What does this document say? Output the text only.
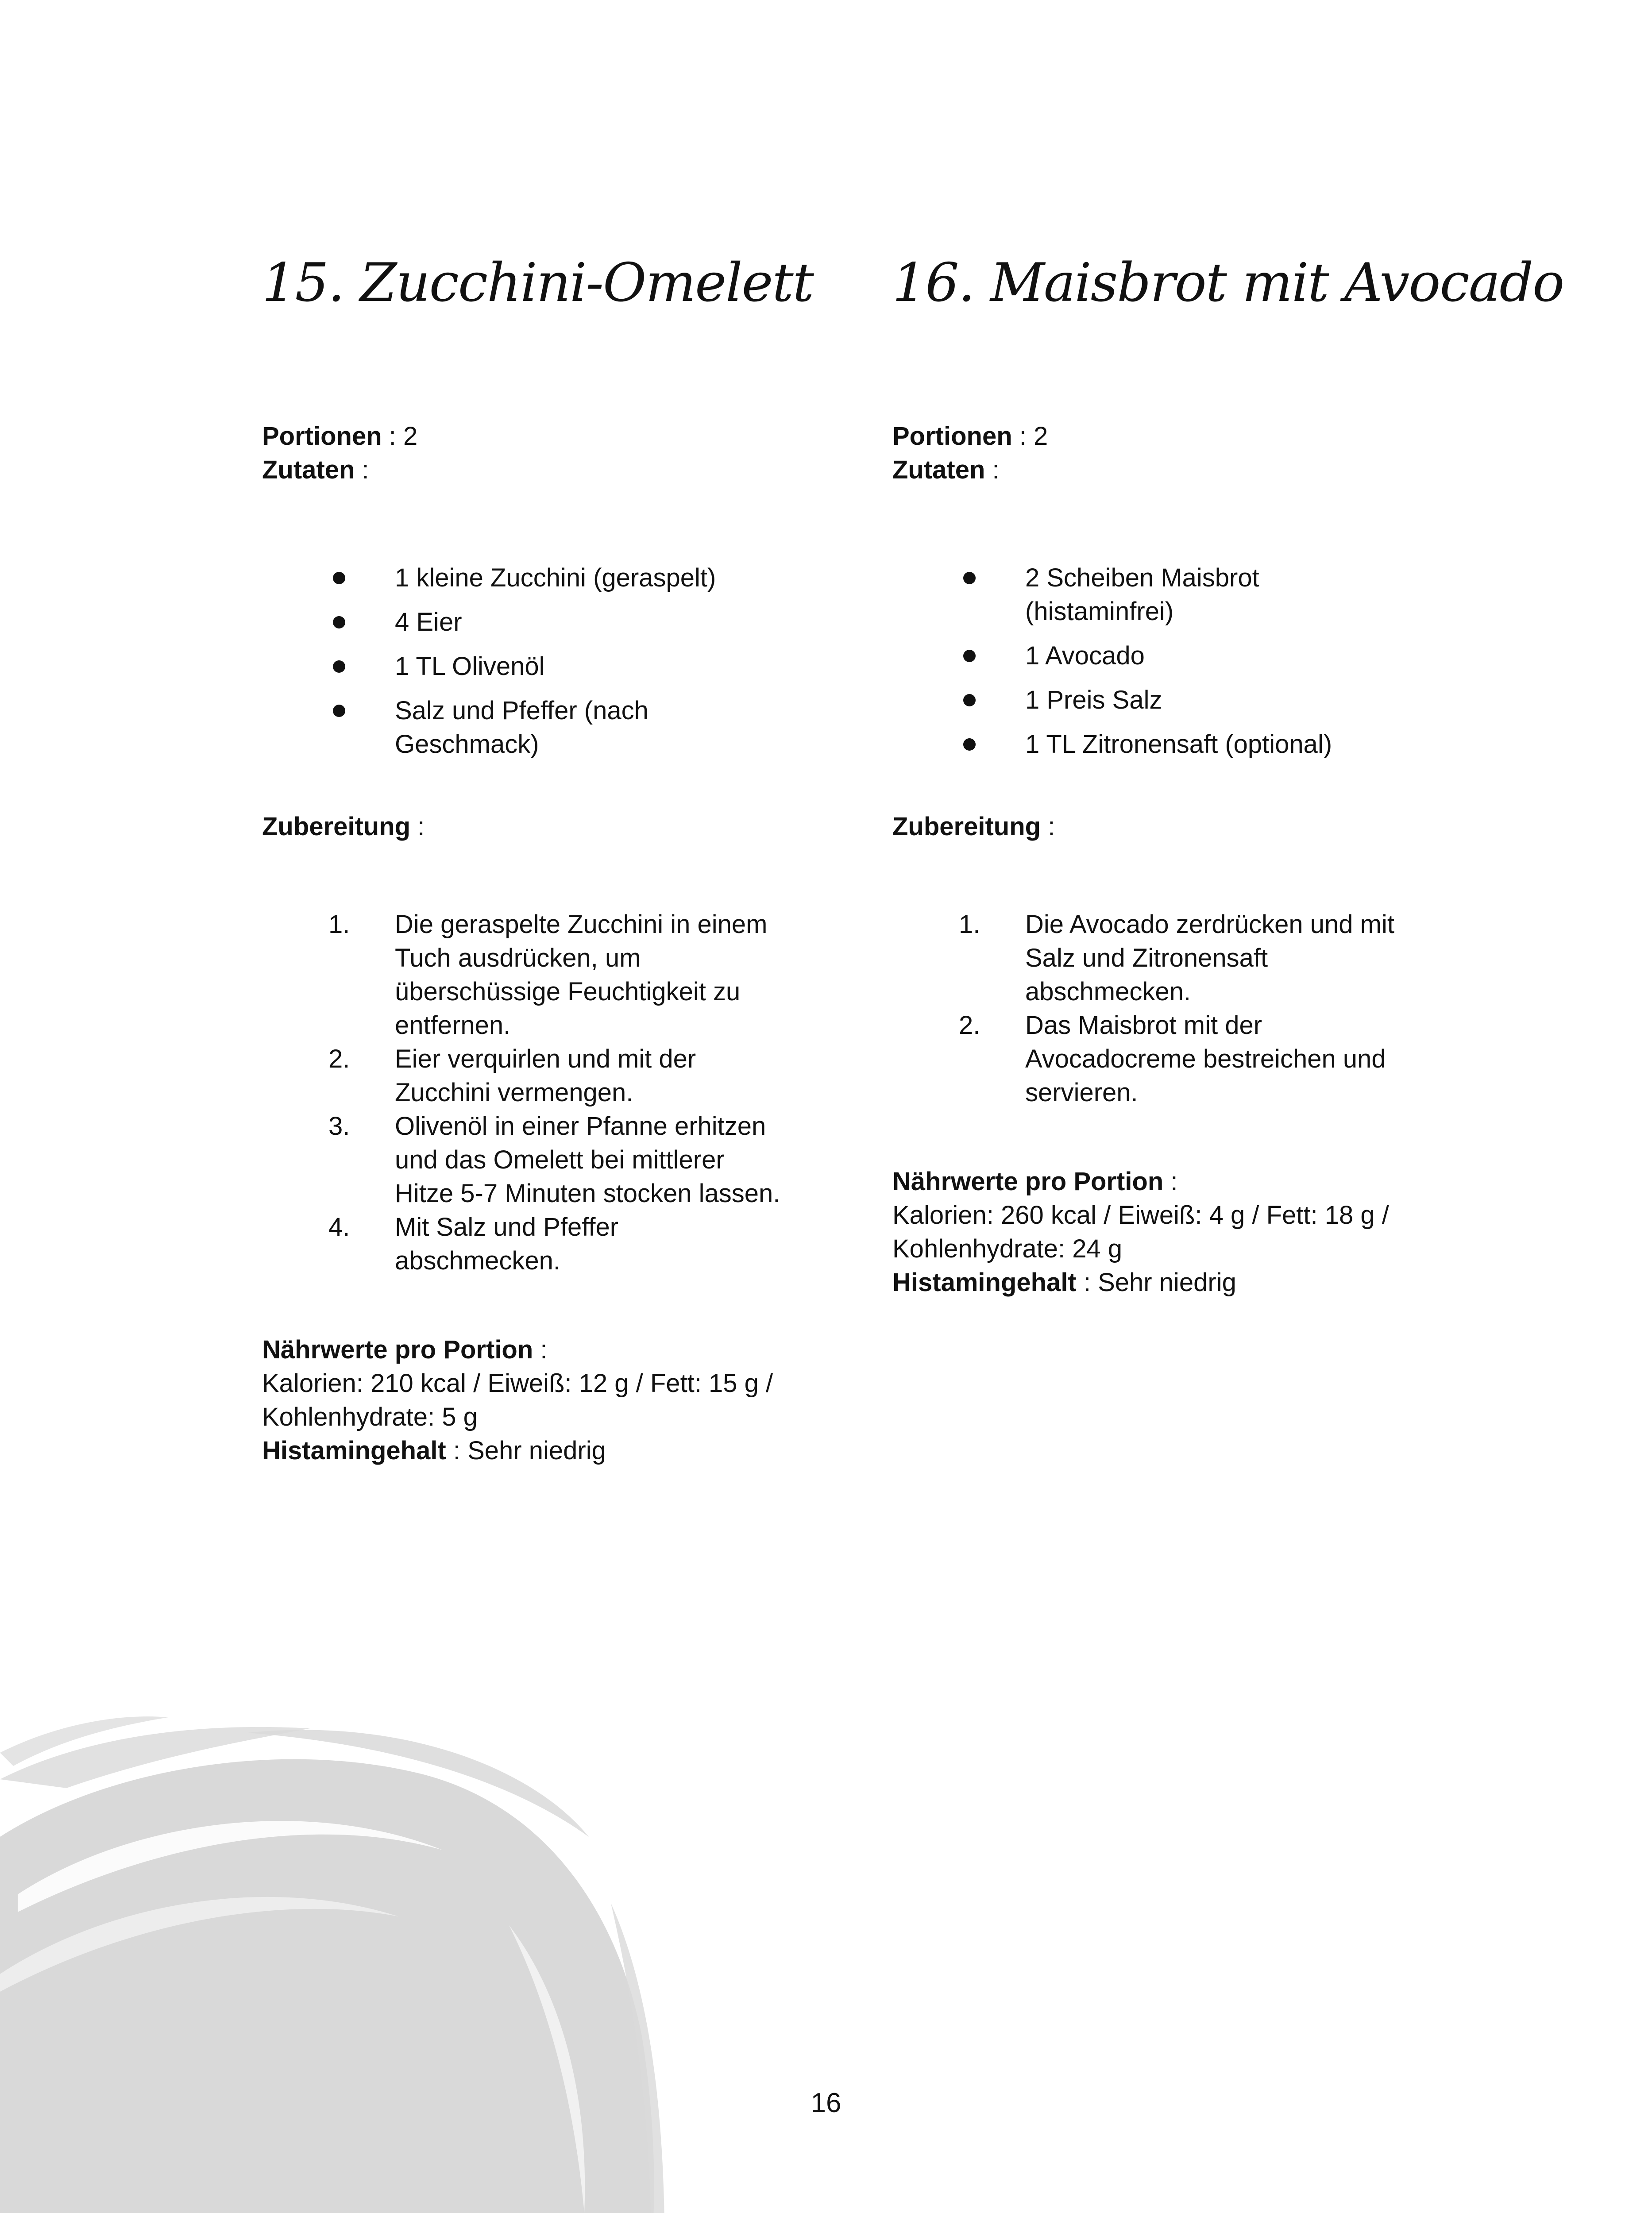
15. Zucchini-Omelett
Portionen : 2
Zutaten :
1 kleine Zucchini (geraspelt)
4 Eier
1 TL Olivenöl
Salz und Pfeffer (nach Geschmack)
Zubereitung :
1. Die geraspelte Zucchini in einem Tuch ausdrücken, um überschüssige Feuchtigkeit zu entfernen.
2. Eier verquirlen und mit der Zucchini vermengen.
3. Olivenöl in einer Pfanne erhitzen und das Omelett bei mittlerer Hitze 5-7 Minuten stocken lassen.
4. Mit Salz und Pfeffer abschmecken.
Nährwerte pro Portion :
Kalorien: 210 kcal / Eiweiß: 12 g / Fett: 15 g / Kohlenhydrate: 5 g
Histamingehalt : Sehr niedrig
16. Maisbrot mit Avocado
Portionen : 2
Zutaten :
2 Scheiben Maisbrot (histaminfrei)
1 Avocado
1 Preis Salz
1 TL Zitronensaft (optional)
Zubereitung :
1. Die Avocado zerdrücken und mit Salz und Zitronensaft abschmecken.
2. Das Maisbrot mit der Avocadocreme bestreichen und servieren.
Nährwerte pro Portion :
Kalorien: 260 kcal / Eiweiß: 4 g / Fett: 18 g / Kohlenhydrate: 24 g
Histamingehalt : Sehr niedrig
16
